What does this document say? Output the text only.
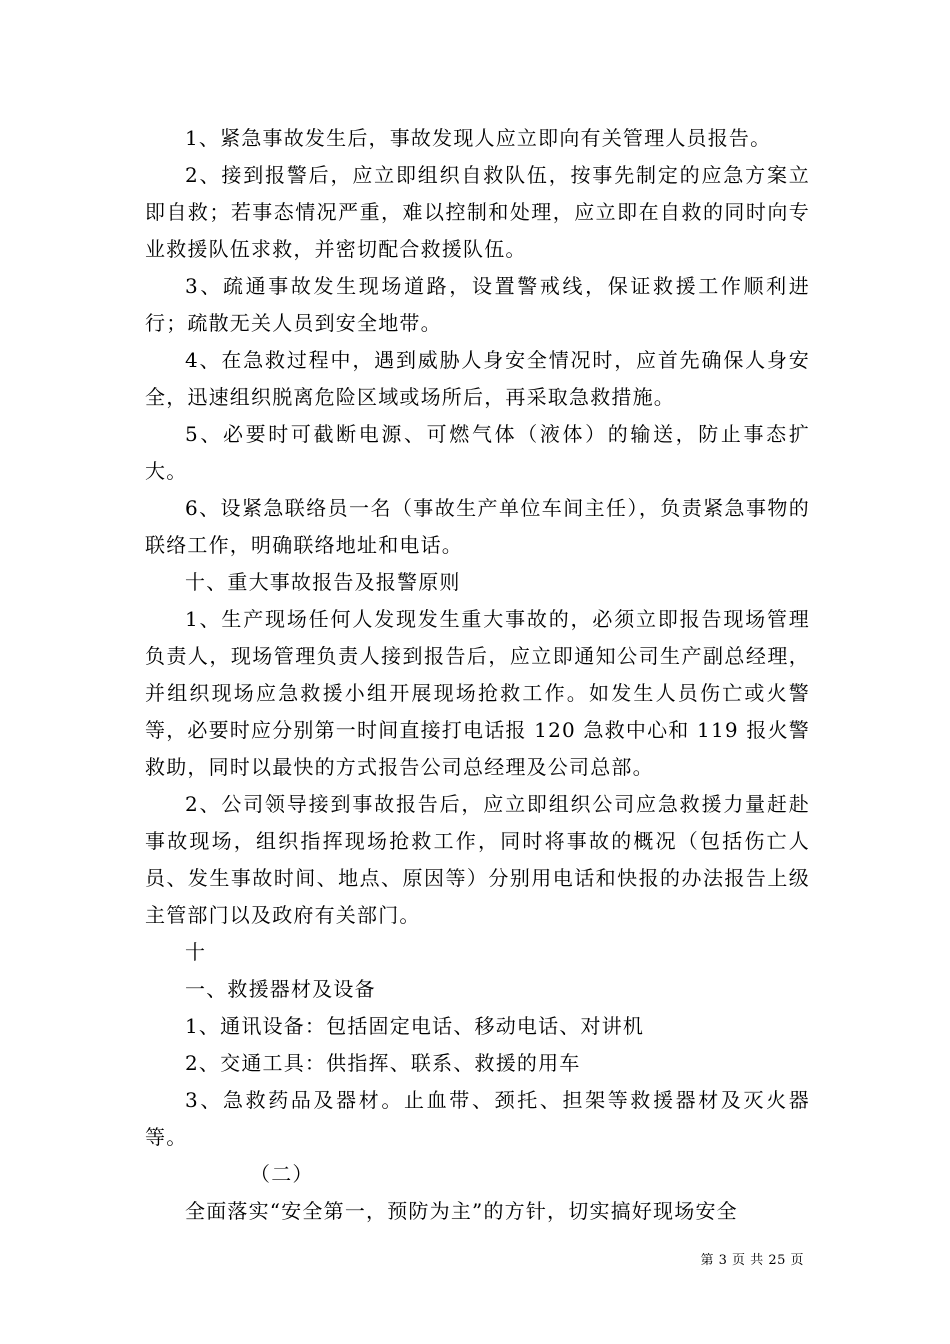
1、紧急事故发生后，事故发现人应立即向有关管理人员报告。

2、接到报警后，应立即组织自救队伍，按事先制定的应急方案立即自救；若事态情况严重，难以控制和处理，应立即在自救的同时向专业救援队伍求救，并密切配合救援队伍。

3、疏通事故发生现场道路，设置警戒线，保证救援工作顺利进行；疏散无关人员到安全地带。

4、在急救过程中，遇到威胁人身安全情况时，应首先确保人身安全，迅速组织脱离危险区域或场所后，再采取急救措施。

5、必要时可截断电源、可燃气体（液体）的输送，防止事态扩大。

6、设紧急联络员一名（事故生产单位车间主任），负责紧急事物的联络工作，明确联络地址和电话。

十、重大事故报告及报警原则

1、生产现场任何人发现发生重大事故的，必须立即报告现场管理负责人，现场管理负责人接到报告后，应立即通知公司生产副总经理，并组织现场应急救援小组开展现场抢救工作。如发生人员伤亡或火警等，必要时应分别第一时间直接打电话报 120 急救中心和 119 报火警救助，同时以最快的方式报告公司总经理及公司总部。

2、公司领导接到事故报告后，应立即组织公司应急救援力量赶赴事故现场，组织指挥现场抢救工作，同时将事故的概况（包括伤亡人员、发生事故时间、地点、原因等）分别用电话和快报的办法报告上级主管部门以及政府有关部门。

十

一、救援器材及设备

1、通讯设备：包括固定电话、移动电话、对讲机

2、交通工具：供指挥、联系、救援的用车

3、急救药品及器材。止血带、颈托、担架等救援器材及灭火器等。

（二）

全面落实“安全第一，预防为主”的方针，切实搞好现场安全

第 3 页 共 25 页
